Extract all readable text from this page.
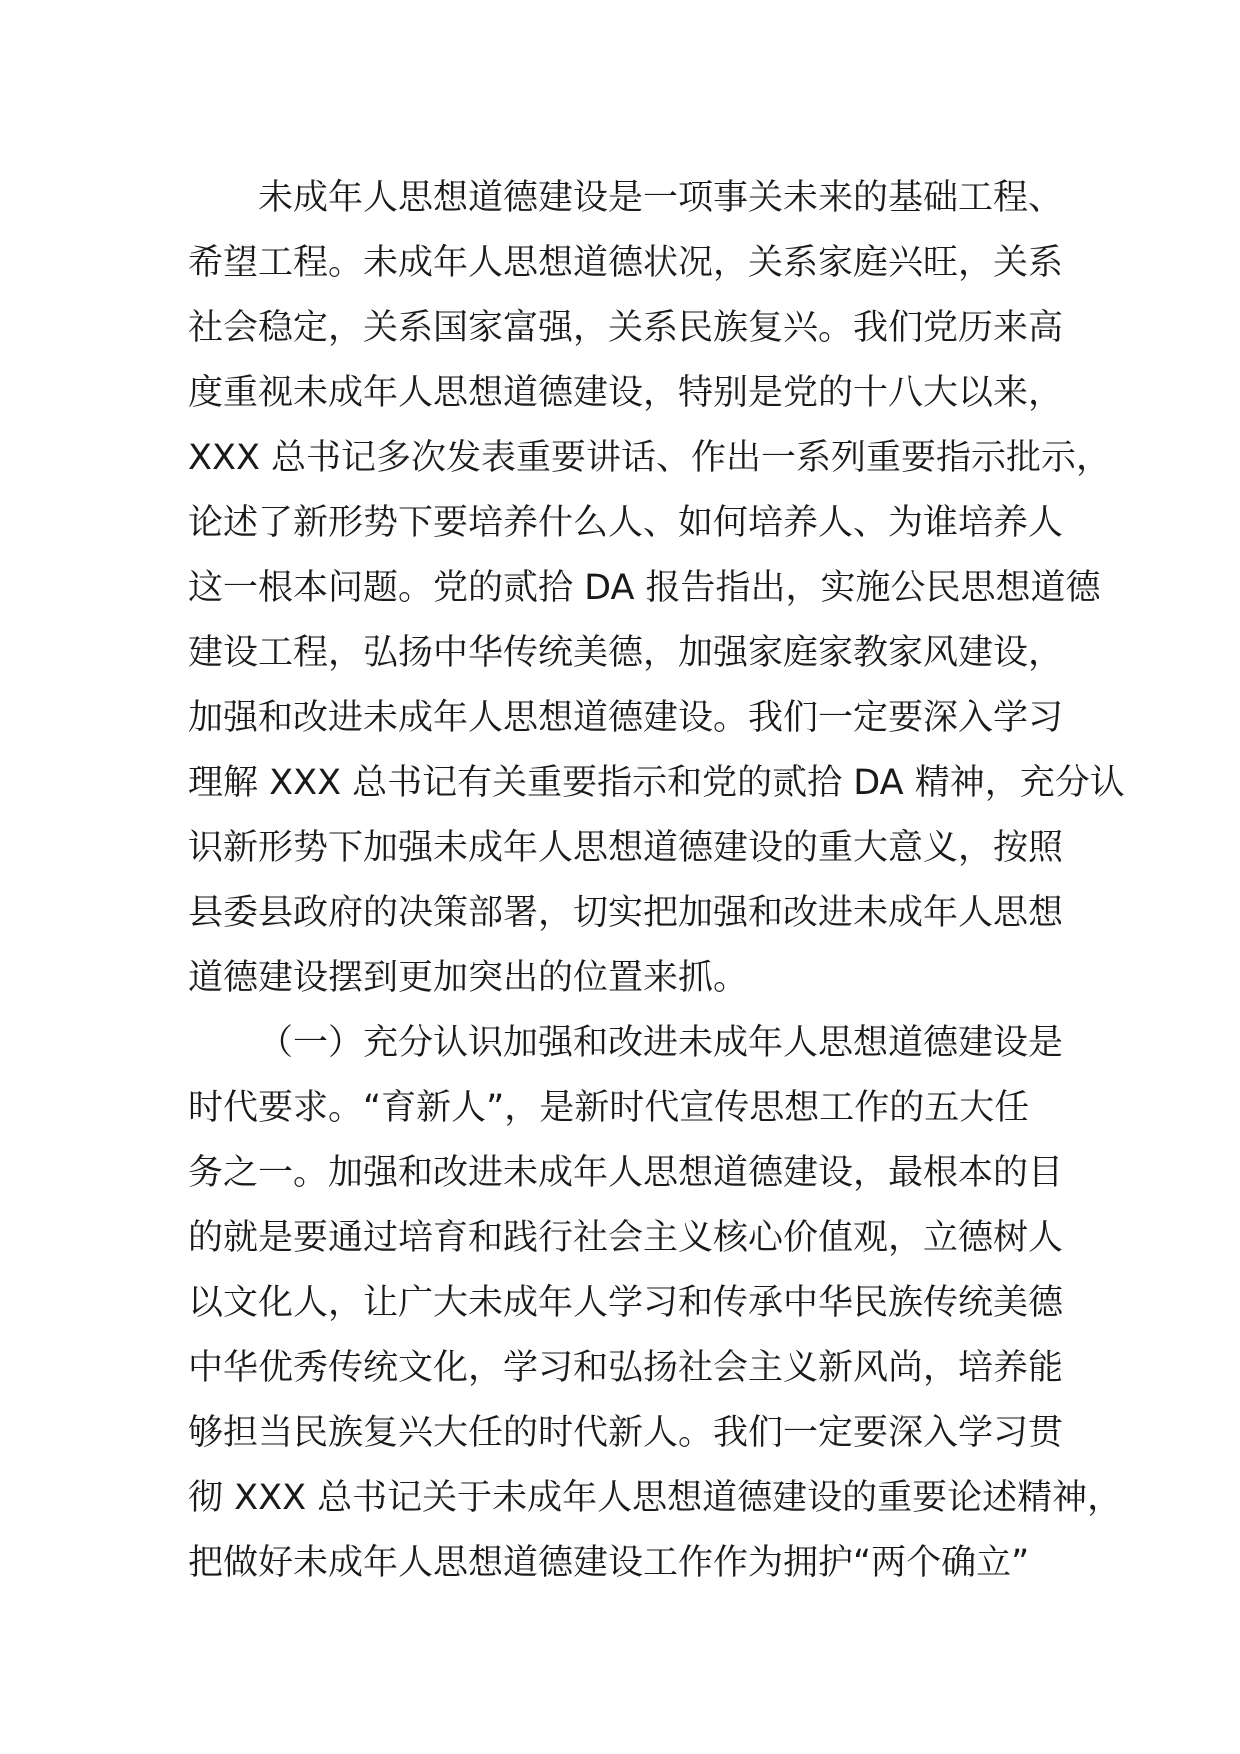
未成年人思想道德建设是一项事关未来的基础工程、
希望工程。未成年人思想道德状况，关系家庭兴旺，关系
社会稳定，关系国家富强，关系民族复兴。我们党历来高
度重视未成年人思想道德建设，特别是党的十八大以来，
XXX 总书记多次发表重要讲话、作出一系列重要指示批示，
论述了新形势下要培养什么人、如何培养人、为谁培养人
这一根本问题。党的贰拾 DA 报告指出，实施公民思想道德
建设工程，弘扬中华传统美德，加强家庭家教家风建设，
加强和改进未成年人思想道德建设。我们一定要深入学习
理解 XXX 总书记有关重要指示和党的贰拾 DA 精神，充分认
识新形势下加强未成年人思想道德建设的重大意义，按照
县委县政府的决策部署，切实把加强和改进未成年人思想
道德建设摆到更加突出的位置来抓。
（一）充分认识加强和改进未成年人思想道德建设是
时代要求。“育新人”，是新时代宣传思想工作的五大任
务之一。加强和改进未成年人思想道德建设，最根本的目
的就是要通过培育和践行社会主义核心价值观，立德树人
以文化人，让广大未成年人学习和传承中华民族传统美德
中华优秀传统文化，学习和弘扬社会主义新风尚，培养能
够担当民族复兴大任的时代新人。我们一定要深入学习贯
彻 XXX 总书记关于未成年人思想道德建设的重要论述精神，
把做好未成年人思想道德建设工作作为拥护“两个确立”
